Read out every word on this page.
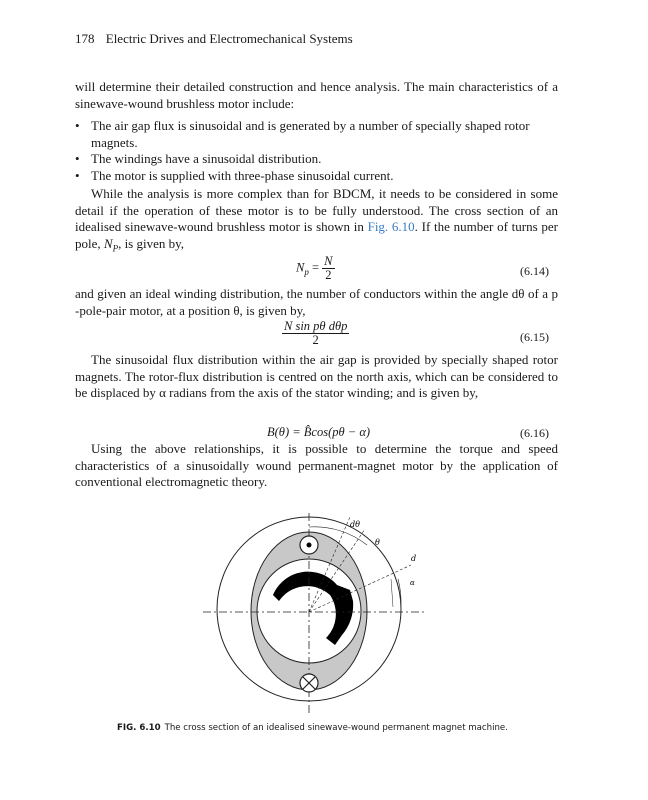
178 Electric Drives and Electromechanical Systems
will determine their detailed construction and hence analysis. The main characteristics of a sinewave-wound brushless motor include:
• The air gap flux is sinusoidal and is generated by a number of specially shaped rotor magnets.
• The windings have a sinusoidal distribution.
• The motor is supplied with three-phase sinusoidal current.
While the analysis is more complex than for BDCM, it needs to be considered in some detail if the operation of these motor is to be fully understood. The cross section of an idealised sinewave-wound brushless motor is shown in Fig. 6.10. If the number of turns per pole, $N_P$, is given by,
$N_p = \frac{N}{2}$	(6.14)
and given an ideal winding distribution, the number of conductors within the angle dθ of a p -pole-pair motor, at a position θ, is given by,
$\frac{\text{N sin pθ dθp}}{2}$	(6.15)
The sinusoidal flux distribution within the air gap is provided by specially shaped rotor magnets. The rotor-flux distribution is centred on the north axis, which can be considered to be displaced by α radians from the axis of the stator winding; and is given by,
B(θ) = B̂cos(pθ − α)	(6.16)
Using the above relationships, it is possible to determine the torque and speed characteristics of a sinusoidally wound permanent-magnet motor by the application of conventional electromagnetic theory.
dθ
θ
d
α
FIG. 6.10 The cross section of an idealised sinewave-wound permanent magnet machine.
